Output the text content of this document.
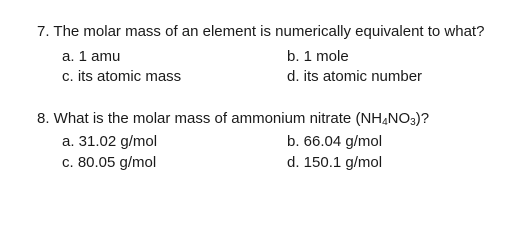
7. The molar mass of an element is numerically equivalent to what?
a. 1 amu	b. 1 mole
c. its atomic mass	d. its atomic number
8. What is the molar mass of ammonium nitrate $(NH_4NO_3)$?
a. 31.02 g/mol	b. 66.04 g/mol
c. 80.05 g/mol	d. 150.1 g/mol
